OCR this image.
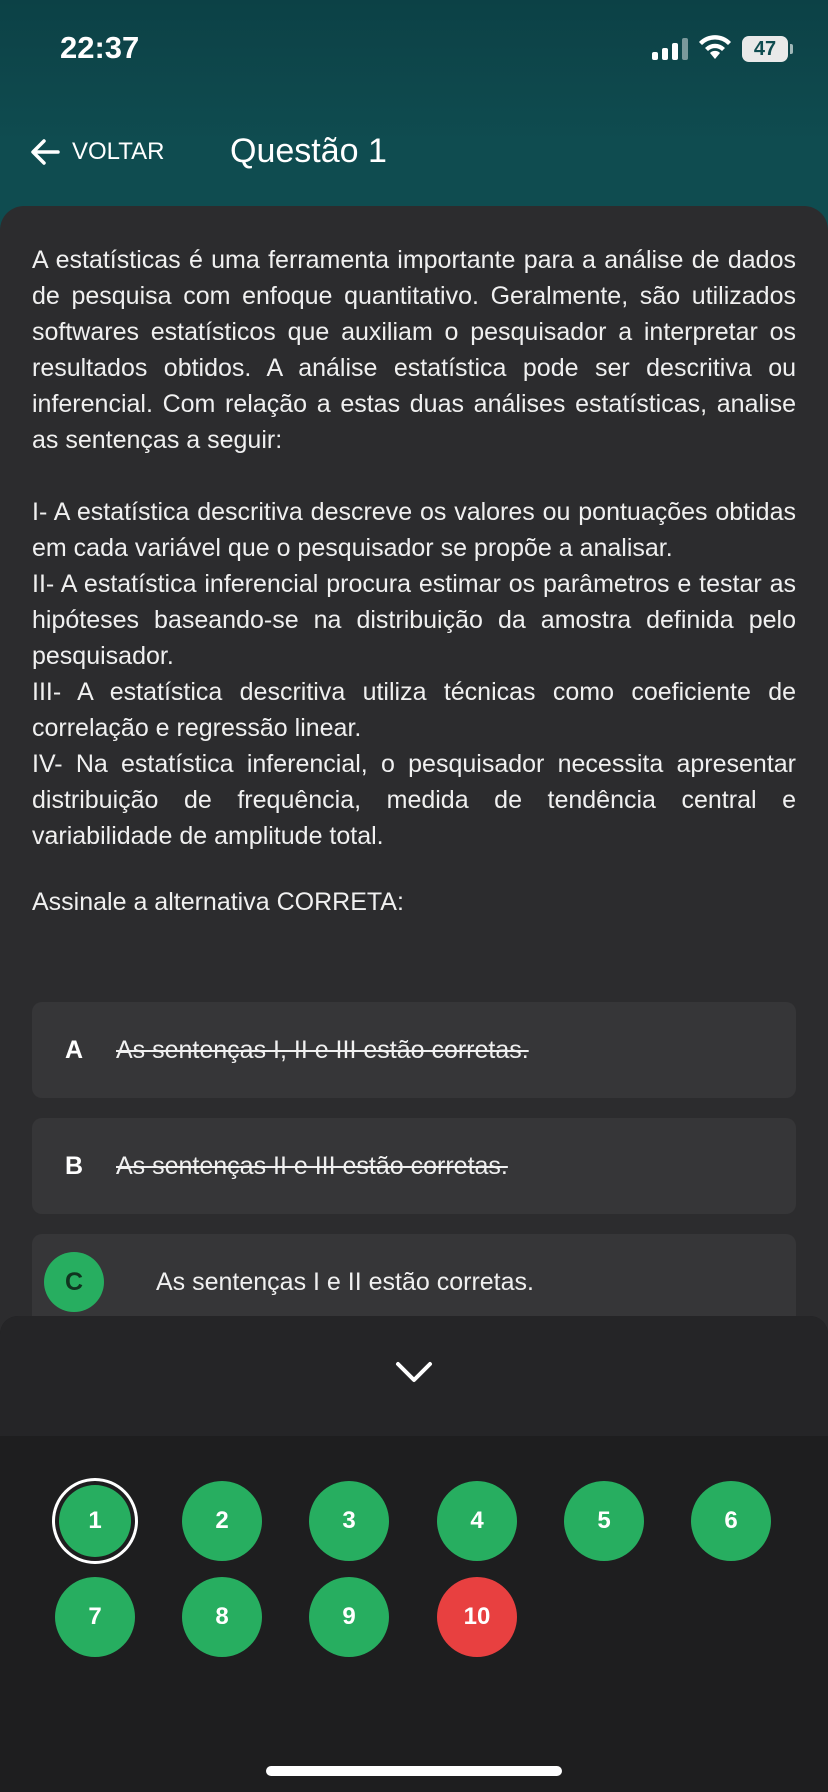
22:37	47
VOLTAR Questão 1
A estatísticas é uma ferramenta importante para a análise de dados de pesquisa com enfoque quantitativo. Geralmente, são utilizados softwares estatísticos que auxiliam o pesquisador a interpretar os resultados obtidos. A análise estatística pode ser descritiva ou inferencial. Com relação a estas duas análises estatísticas, analise as sentenças a seguir:

I- A estatística descritiva descreve os valores ou pontuações obtidas em cada variável que o pesquisador se propõe a analisar.
II- A estatística inferencial procura estimar os parâmetros e testar as hipóteses baseando-se na distribuição da amostra definida pelo pesquisador.
III- A estatística descritiva utiliza técnicas como coeficiente de correlação e regressão linear.
IV- Na estatística inferencial, o pesquisador necessita apresentar distribuição de frequência, medida de tendência central e variabilidade de amplitude total.
Assinale a alternativa CORRETA:
A	As sentenças I, II e III estão corretas.
B	As sentenças II e III estão corretas.
C	As sentenças I e II estão corretas.
1	2	3	4	5	6
7	8	9	10
